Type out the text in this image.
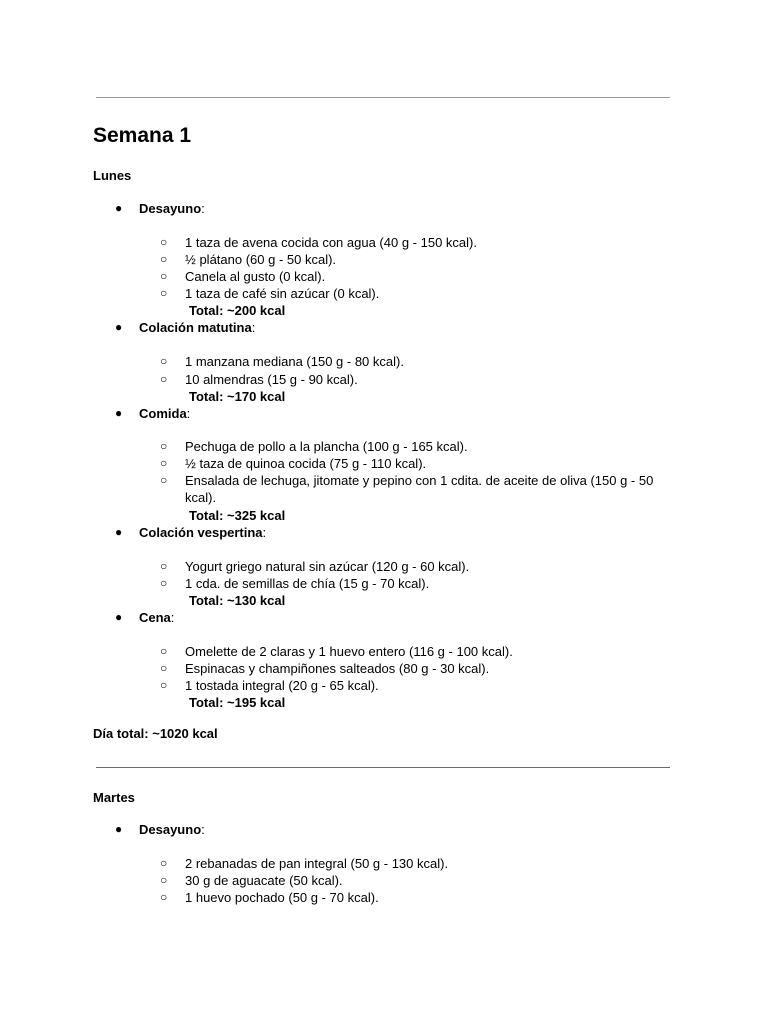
Semana 1
Lunes
●	Desayuno:
○ 1 taza de avena cocida con agua (40 g - 150 kcal).
○ ½ plátano (60 g - 50 kcal).
○ Canela al gusto (0 kcal).
○ 1 taza de café sin azúcar (0 kcal).
Total: ~200 kcal
●	Colación matutina:
○ 1 manzana mediana (150 g - 80 kcal).
○ 10 almendras (15 g - 90 kcal).
Total: ~170 kcal
●	Comida:
○ Pechuga de pollo a la plancha (100 g - 165 kcal).
○ ½ taza de quinoa cocida (75 g - 110 kcal).
○ Ensalada de lechuga, jitomate y pepino con 1 cdita. de aceite de oliva (150 g - 50 kcal).
Total: ~325 kcal
●	Colación vespertina:
○ Yogurt griego natural sin azúcar (120 g - 60 kcal).
○ 1 cda. de semillas de chía (15 g - 70 kcal).
Total: ~130 kcal
●	Cena:
○ Omelette de 2 claras y 1 huevo entero (116 g - 100 kcal).
○ Espinacas y champiñones salteados (80 g - 30 kcal).
○ 1 tostada integral (20 g - 65 kcal).
Total: ~195 kcal
Día total: ~1020 kcal
Martes
●	Desayuno:
○ 2 rebanadas de pan integral (50 g - 130 kcal).
○ 30 g de aguacate (50 kcal).
○ 1 huevo pochado (50 g - 70 kcal).
